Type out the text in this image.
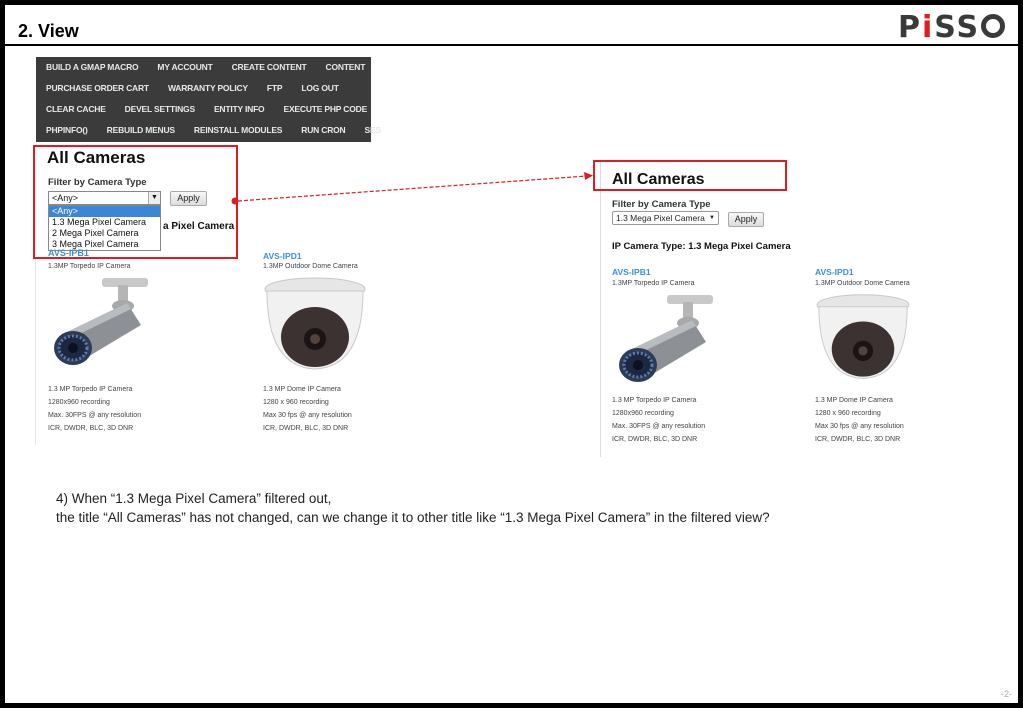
2. View	PiSS
BUILD A GMAP MACRO MY ACCOUNT CREATE CONTENT CONTENT
PURCHASE ORDER CART WARRANTY POLICY FTP LOG OUT
CLEAR CACHE DEVEL SETTINGS ENTITY INFO EXECUTE PHP CODE
PHPINFO() REBUILD MENUS REINSTALL MODULES RUN CRON SES
All Cameras
Filter by Camera Type
<Any>	▼
<Any>
1.3 Mega Pixel Camera
2 Mega Pixel Camera
3 Mega Pixel Camera
Apply
a Pixel Camera
AVS-IPB1
1.3MP Torpedo IP Camera
1.3 MP Torpedo IP Camera
1280x960 recording
Max. 30FPS @ any resolution
ICR, DWDR, BLC, 3D DNR
AVS-IPD1
1.3MP Outdoor Dome Camera
1.3 MP Dome IP Camera
1280 x 960 recording
Max 30 fps @ any resolution
ICR, DWDR, BLC, 3D DNR
All Cameras
Filter by Camera Type
1.3 Mega Pixel Camera ▼	Apply
IP Camera Type: 1.3 Mega Pixel Camera
AVS-IPB1
1.3MP Torpedo IP Camera
1.3 MP Torpedo IP Camera
1280x960 recording
Max. 30FPS @ any resolution
ICR, DWDR, BLC, 3D DNR
AVS-IPD1
1.3MP Outdoor Dome Camera
1.3 MP Dome IP Camera
1280 x 960 recording
Max 30 fps @ any resolution
ICR, DWDR, BLC, 3D DNR
4) When “1.3 Mega Pixel Camera” filtered out,
the title “All Cameras” has not changed, can we change it to other title like “1.3 Mega Pixel Camera” in the filtered view?
-2-
